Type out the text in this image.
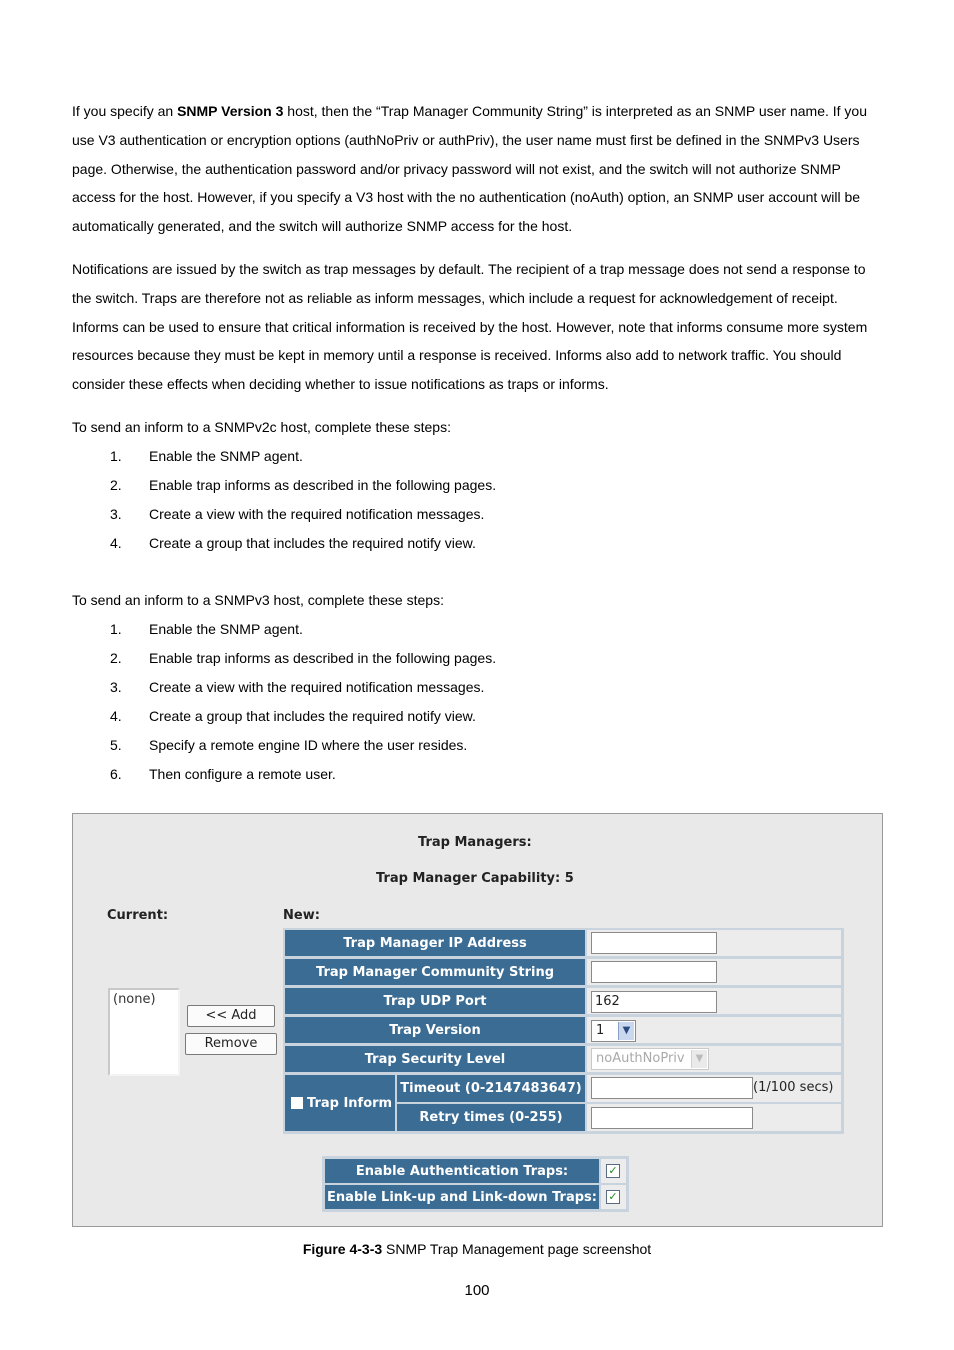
If you specify an SNMP Version 3 host, then the “Trap Manager Community String” is interpreted as an SNMP user name. If you use V3 authentication or encryption options (authNoPriv or authPriv), the user name must first be defined in the SNMPv3 Users page. Otherwise, the authentication password and/or privacy password will not exist, and the switch will not authorize SNMP access for the host. However, if you specify a V3 host with the no authentication (noAuth) option, an SNMP user account will be automatically generated, and the switch will authorize SNMP access for the host.

Notifications are issued by the switch as trap messages by default. The recipient of a trap message does not send a response to the switch. Traps are therefore not as reliable as inform messages, which include a request for acknowledgement of receipt. Informs can be used to ensure that critical information is received by the host. However, note that informs consume more system resources because they must be kept in memory until a response is received. Informs also add to network traffic. You should consider these effects when deciding whether to issue notifications as traps or informs.

To send an inform to a SNMPv2c host, complete these steps:
1. Enable the SNMP agent.
2. Enable trap informs as described in the following pages.
3. Create a view with the required notification messages.
4. Create a group that includes the required notify view.
To send an inform to a SNMPv3 host, complete these steps:
1. Enable the SNMP agent.
2. Enable trap informs as described in the following pages.
3. Create a view with the required notification messages.
4. Create a group that includes the required notify view.
5. Specify a remote engine ID where the user resides.
6. Then configure a remote user.
Trap Managers:
Trap Manager Capability: 5
Current:	New:
(none)
<< Add
Remove
Trap Manager IP Address
Trap Manager Community String
Trap UDP Port	162
Trap Version	1	▼
Trap Security Level	noAuthNoPriv	▼
Trap Inform
Timeout (0-2147483647)	(1/100 secs)
Retry times (0-255)
Enable Authentication Traps:	✓
Enable Link-up and Link-down Traps: ✓
Figure 4-3-3 SNMP Trap Management page screenshot
100
